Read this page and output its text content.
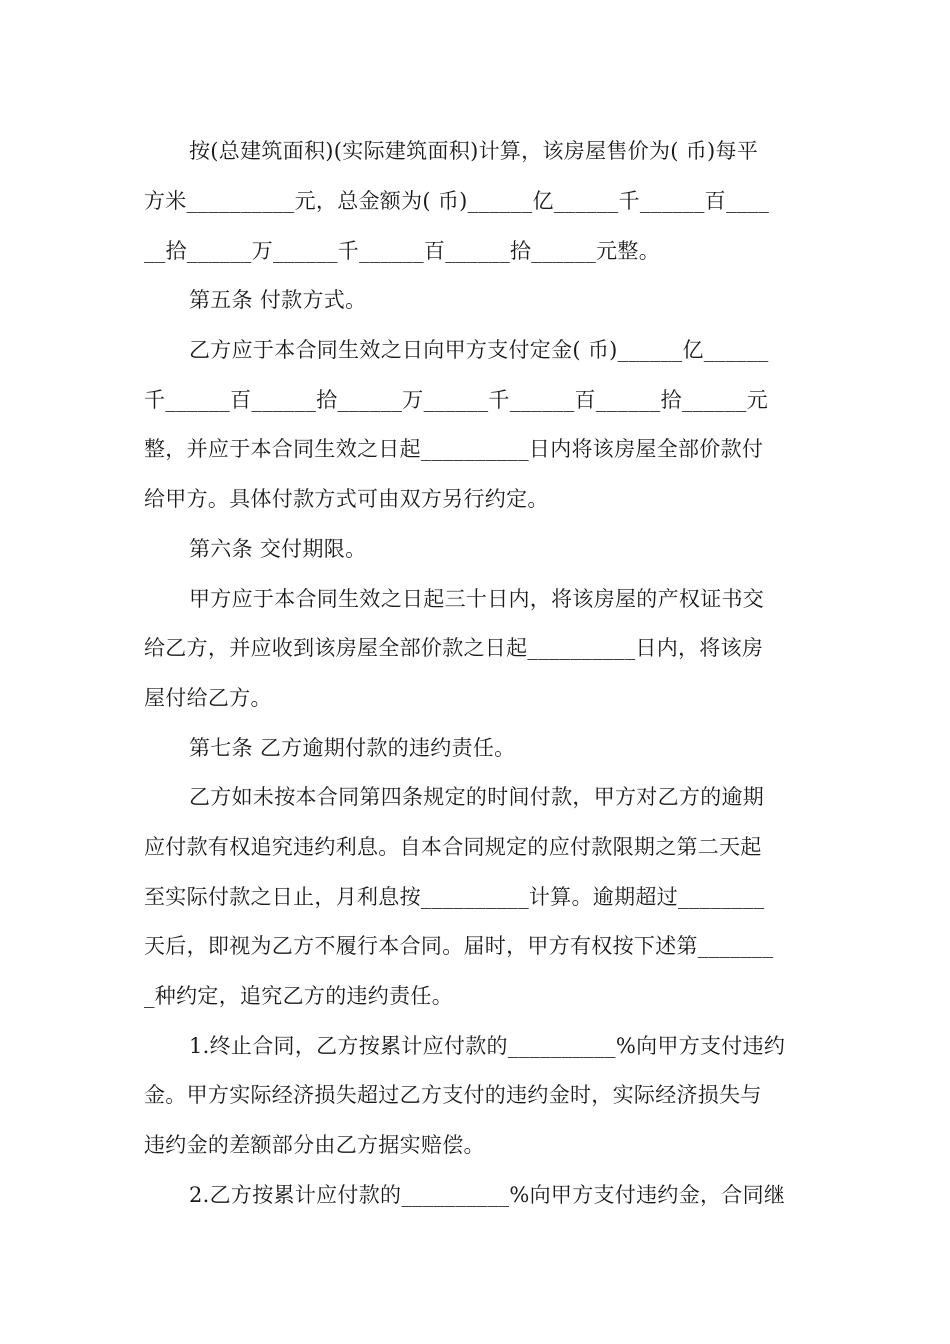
按(总建筑面积)(实际建筑面积)计算，该房屋售价为( 币)每平
方米__________元，总金额为( 币)______亿______千______百____
__拾______万______千______百______拾______元整。
第五条 付款方式。
乙方应于本合同生效之日向甲方支付定金( 币)______亿______
千______百______拾______万______千______百______拾______元
整，并应于本合同生效之日起__________日内将该房屋全部价款付
给甲方。具体付款方式可由双方另行约定。
第六条 交付期限。
甲方应于本合同生效之日起三十日内，将该房屋的产权证书交
给乙方，并应收到该房屋全部价款之日起__________日内，将该房
屋付给乙方。
第七条 乙方逾期付款的违约责任。
乙方如未按本合同第四条规定的时间付款，甲方对乙方的逾期
应付款有权追究违约利息。自本合同规定的应付款限期之第二天起
至实际付款之日止，月利息按__________计算。逾期超过________
天后，即视为乙方不履行本合同。届时，甲方有权按下述第_______
_种约定，追究乙方的违约责任。
1.终止合同，乙方按累计应付款的__________%向甲方支付违约
金。甲方实际经济损失超过乙方支付的违约金时，实际经济损失与
违约金的差额部分由乙方据实赔偿。
2.乙方按累计应付款的__________%向甲方支付违约金，合同继
